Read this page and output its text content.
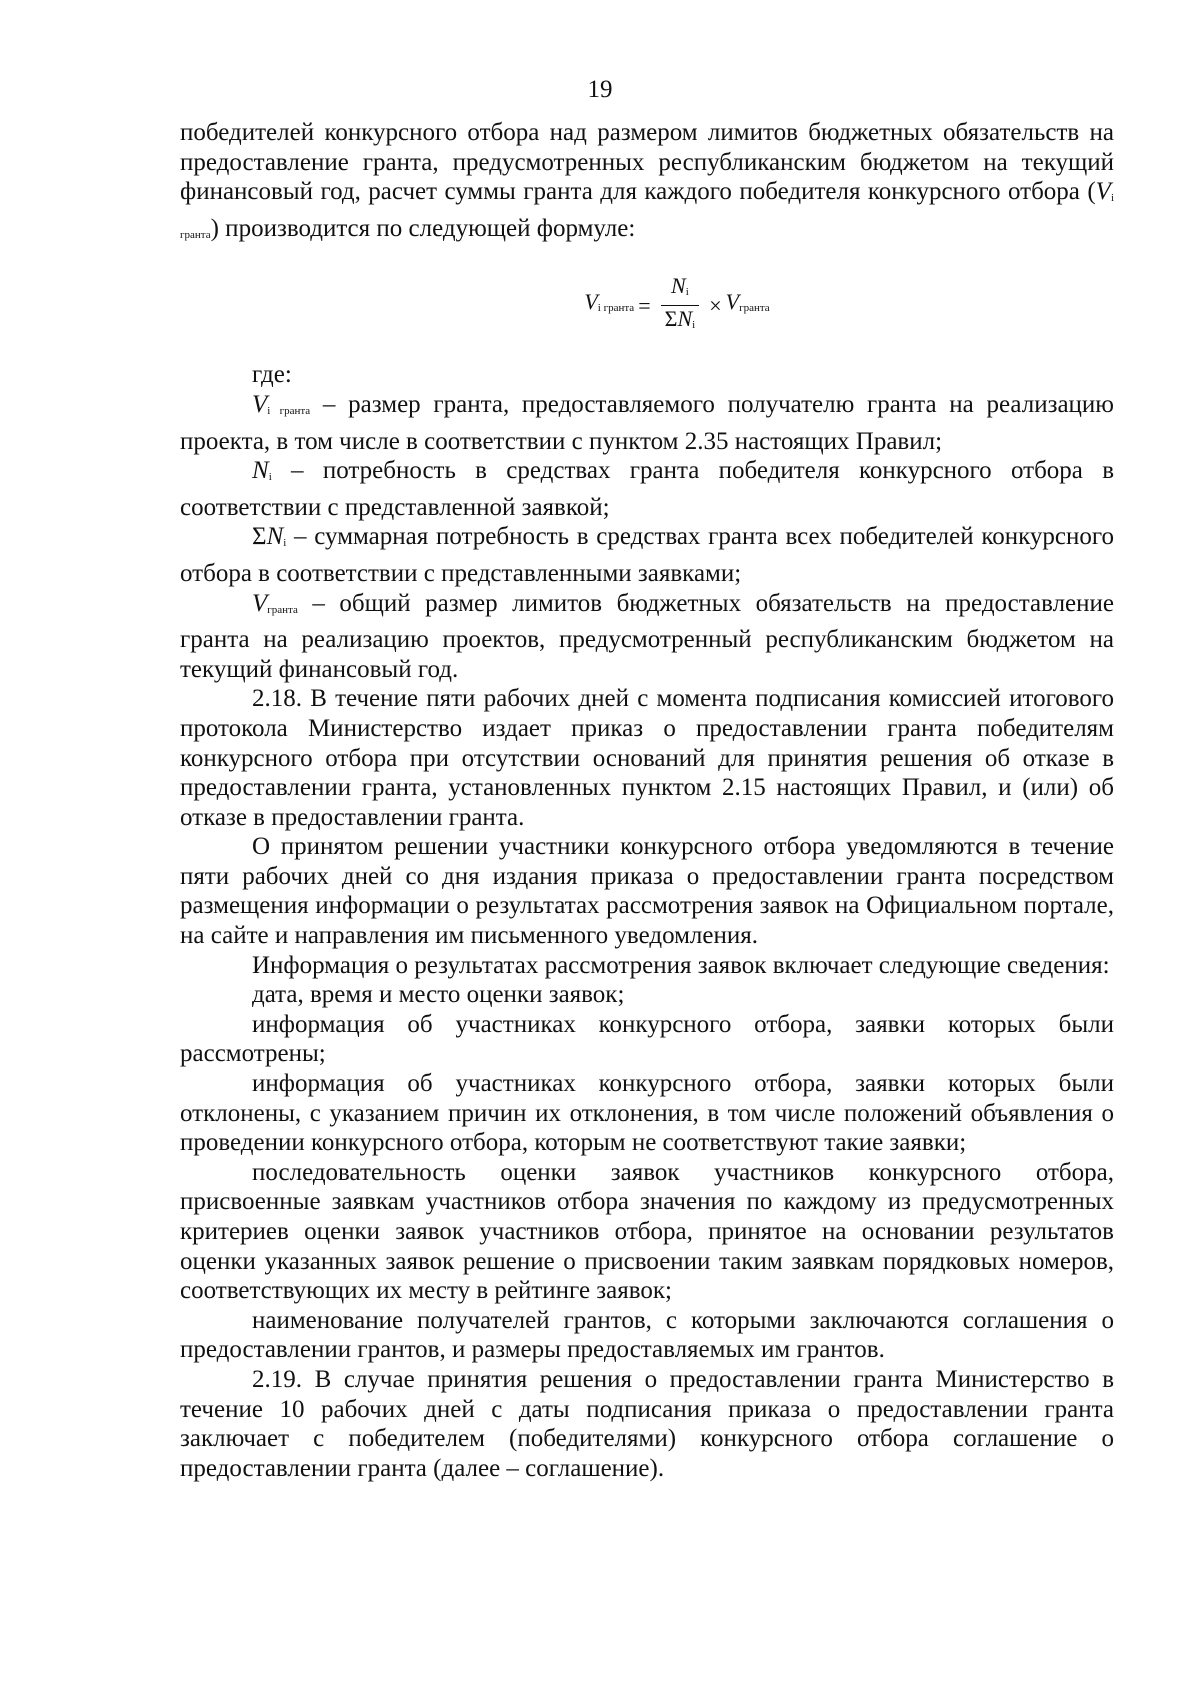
19

победителей конкурсного отбора над размером лимитов бюджетных обязательств на предоставление гранта, предусмотренных республиканским бюджетом на текущий финансовый год, расчет суммы гранта для каждого победителя конкурсного отбора (Vi гранта) производится по следующей формуле:

Vi гранта = $\frac{Ni}{\text{ΣNi}}$ × Vгранта

где:

Vi гранта – размер гранта, предоставляемого получателю гранта на реализацию проекта, в том числе в соответствии с пунктом 2.35 настоящих Правил;

Ni – потребность в средствах гранта победителя конкурсного отбора в соответствии с представленной заявкой;

ΣNi – суммарная потребность в средствах гранта всех победителей конкурсного отбора в соответствии с представленными заявками;

Vгранта – общий размер лимитов бюджетных обязательств на предоставление гранта на реализацию проектов, предусмотренный республиканским бюджетом на текущий финансовый год.

2.18. В течение пяти рабочих дней с момента подписания комиссией итогового протокола Министерство издает приказ о предоставлении гранта победителям конкурсного отбора при отсутствии оснований для принятия решения об отказе в предоставлении гранта, установленных пунктом 2.15 настоящих Правил, и (или) об отказе в предоставлении гранта.

О принятом решении участники конкурсного отбора уведомляются в течение пяти рабочих дней со дня издания приказа о предоставлении гранта посредством размещения информации о результатах рассмотрения заявок на Официальном портале, на сайте и направления им письменного уведомления.

Информация о результатах рассмотрения заявок включает следующие сведения:

дата, время и место оценки заявок;

информация об участниках конкурсного отбора, заявки которых были рассмотрены;

информация об участниках конкурсного отбора, заявки которых были отклонены, с указанием причин их отклонения, в том числе положений объявления о проведении конкурсного отбора, которым не соответствуют такие заявки;

последовательность оценки заявок участников конкурсного отбора, присвоенные заявкам участников отбора значения по каждому из предусмотренных критериев оценки заявок участников отбора, принятое на основании результатов оценки указанных заявок решение о присвоении таким заявкам порядковых номеров, соответствующих их месту в рейтинге заявок;

наименование получателей грантов, с которыми заключаются соглашения о предоставлении грантов, и размеры предоставляемых им грантов.

2.19. В случае принятия решения о предоставлении гранта Министерство в течение 10 рабочих дней с даты подписания приказа о предоставлении гранта заключает с победителем (победителями) конкурсного отбора соглашение о предоставлении гранта (далее – соглашение).
